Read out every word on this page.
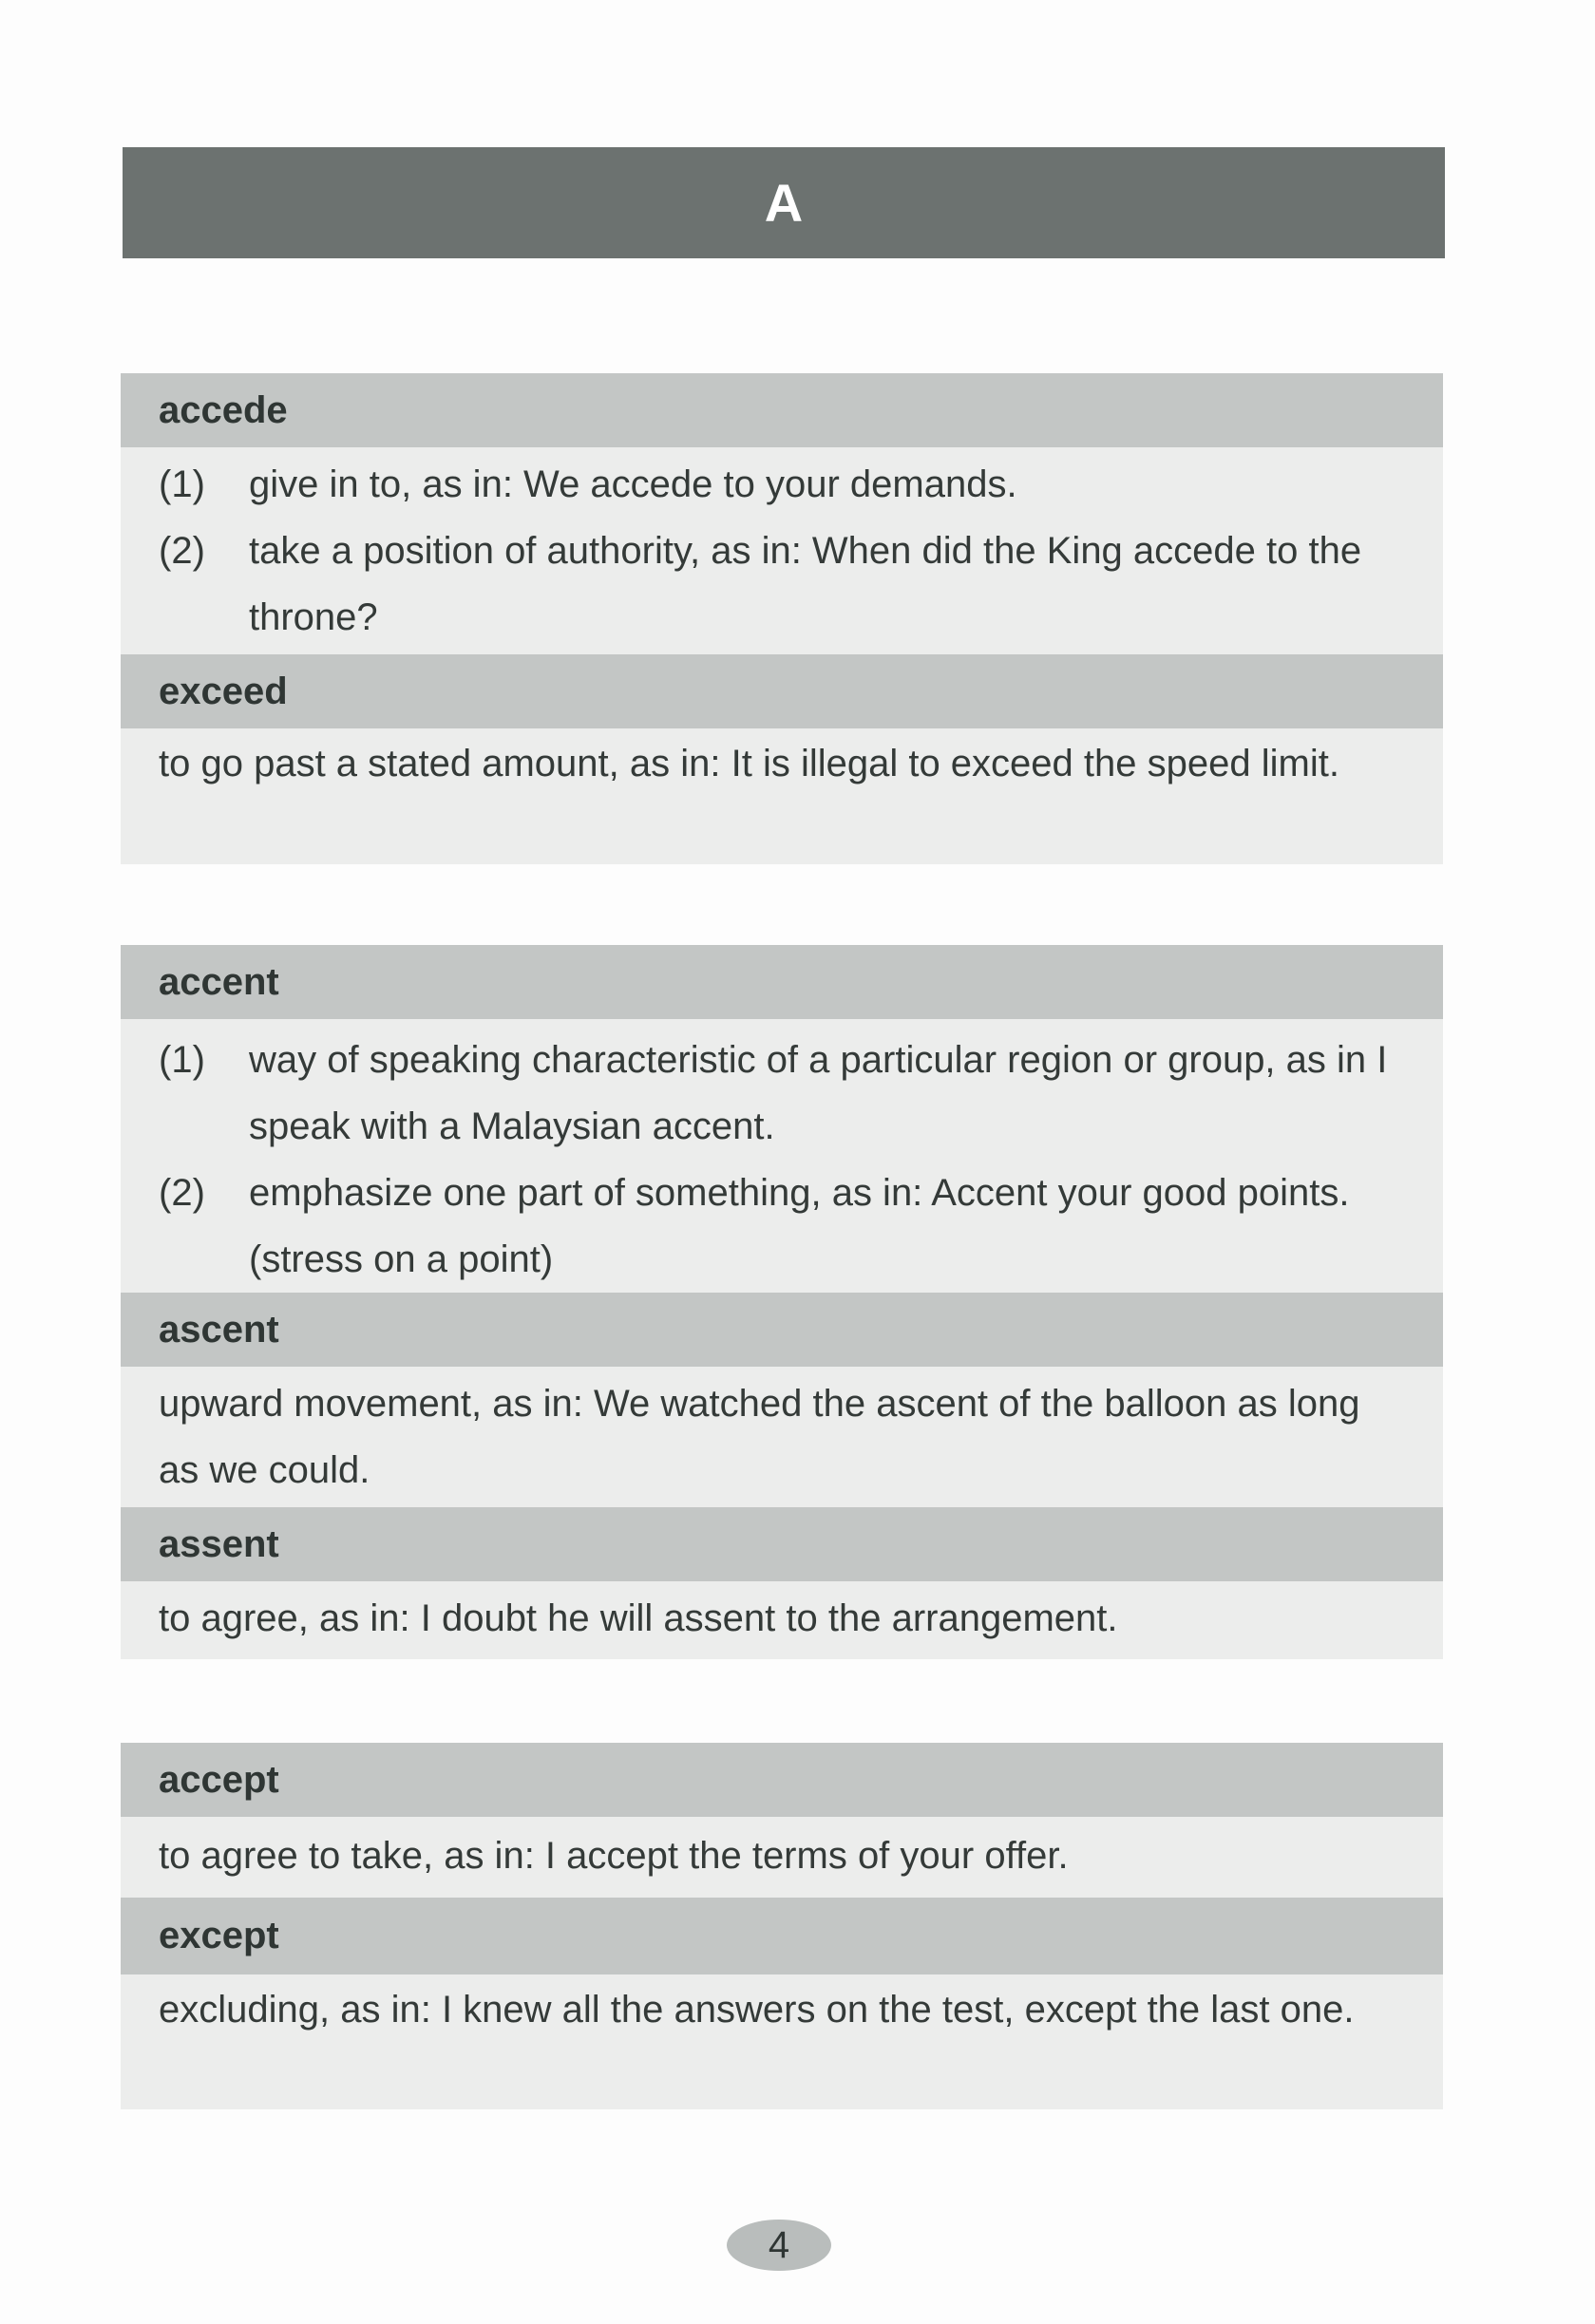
A
accede
(1)	give in to, as in: We accede to your demands.
(2)	take a position of authority, as in: When did the King accede to the throne?
exceed
to go past a stated amount, as in: It is illegal to exceed the speed limit.
accent
(1)	way of speaking characteristic of a particular region or group, as in I speak with a Malaysian accent.
(2)	emphasize one part of something, as in: Accent your good points. (stress on a point)
ascent
upward movement, as in: We watched the ascent of the balloon as long as we could.
assent
to agree, as in: I doubt he will assent to the arrangement.
accept
to agree to take, as in: I accept the terms of your offer.
except
excluding, as in: I knew all the answers on the test, except the last one.
4
